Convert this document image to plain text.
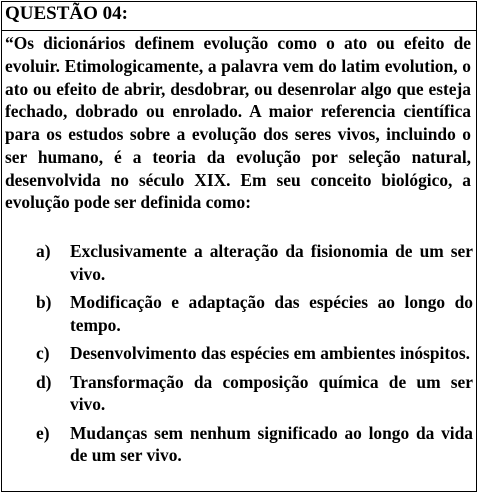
QUESTÃO 04:

“Os dicionários definem evolução como o ato ou efeito de evoluir. Etimologicamente, a palavra vem do latim evolution, o ato ou efeito de abrir, desdobrar, ou desenrolar algo que esteja fechado, dobrado ou enrolado. A maior referencia científica para os estudos sobre a evolução dos seres vivos, incluindo o ser humano, é a teoria da evolução por seleção natural, desenvolvida no século XIX. Em seu conceito biológico, a evolução pode ser definida como:

a) Exclusivamente a alteração da fisionomia de um ser vivo.
b) Modificação e adaptação das espécies ao longo do tempo.
c) Desenvolvimento das espécies em ambientes inóspitos.
d) Transformação da composição química de um ser vivo.
e) Mudanças sem nenhum significado ao longo da vida de um ser vivo.
